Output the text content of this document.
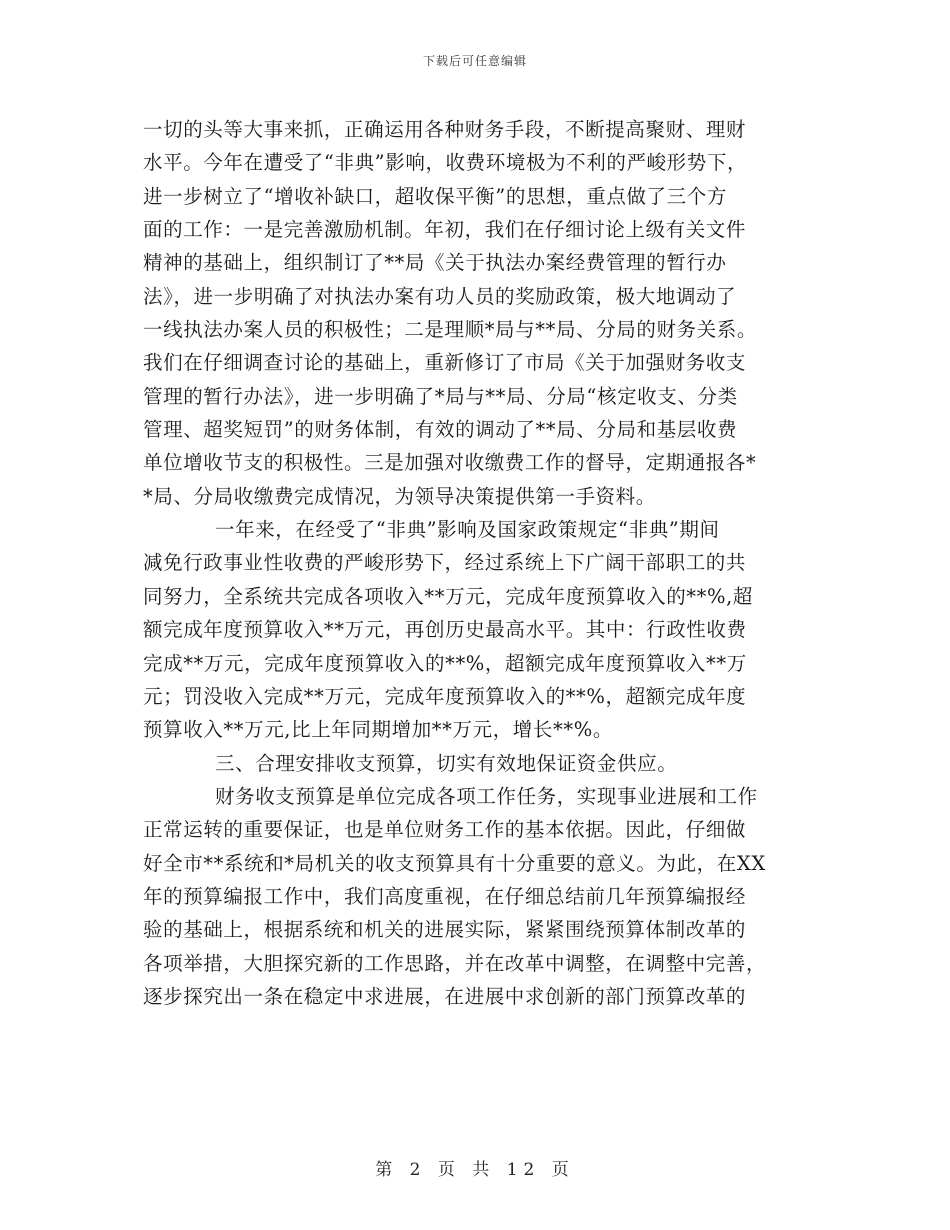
下载后可任意编辑
一切的头等大事来抓，正确运用各种财务手段，不断提高聚财、理财
水平。今年在遭受了“非典”影响，收费环境极为不利的严峻形势下，
进一步树立了“增收补缺口，超收保平衡”的思想，重点做了三个方
面的工作：一是完善激励机制。年初，我们在仔细讨论上级有关文件
精神的基础上，组织制订了**局《关于执法办案经费管理的暂行办
法》，进一步明确了对执法办案有功人员的奖励政策，极大地调动了
一线执法办案人员的积极性；二是理顺*局与**局、分局的财务关系。
我们在仔细调查讨论的基础上，重新修订了市局《关于加强财务收支
管理的暂行办法》，进一步明确了*局与**局、分局“核定收支、分类
管理、超奖短罚”的财务体制，有效的调动了**局、分局和基层收费
单位增收节支的积极性。三是加强对收缴费工作的督导，定期通报各*
*局、分局收缴费完成情况，为领导决策提供第一手资料。
一年来，在经受了“非典”影响及国家政策规定“非典”期间
减免行政事业性收费的严峻形势下，经过系统上下广阔干部职工的共
同努力，全系统共完成各项收入**万元，完成年度预算收入的**%,超
额完成年度预算收入**万元，再创历史最高水平。其中：行政性收费
完成**万元，完成年度预算收入的**%，超额完成年度预算收入**万
元；罚没收入完成**万元，完成年度预算收入的**%，超额完成年度
预算收入**万元,比上年同期增加**万元，增长**%。
三、合理安排收支预算，切实有效地保证资金供应。
财务收支预算是单位完成各项工作任务，实现事业进展和工作
正常运转的重要保证，也是单位财务工作的基本依据。因此，仔细做
好全市**系统和*局机关的收支预算具有十分重要的意义。为此，在XX
年的预算编报工作中，我们高度重视，在仔细总结前几年预算编报经
验的基础上，根据系统和机关的进展实际，紧紧围绕预算体制改革的
各项举措，大胆探究新的工作思路，并在改革中调整，在调整中完善，
逐步探究出一条在稳定中求进展，在进展中求创新的部门预算改革的
第 2 页 共 12 页
